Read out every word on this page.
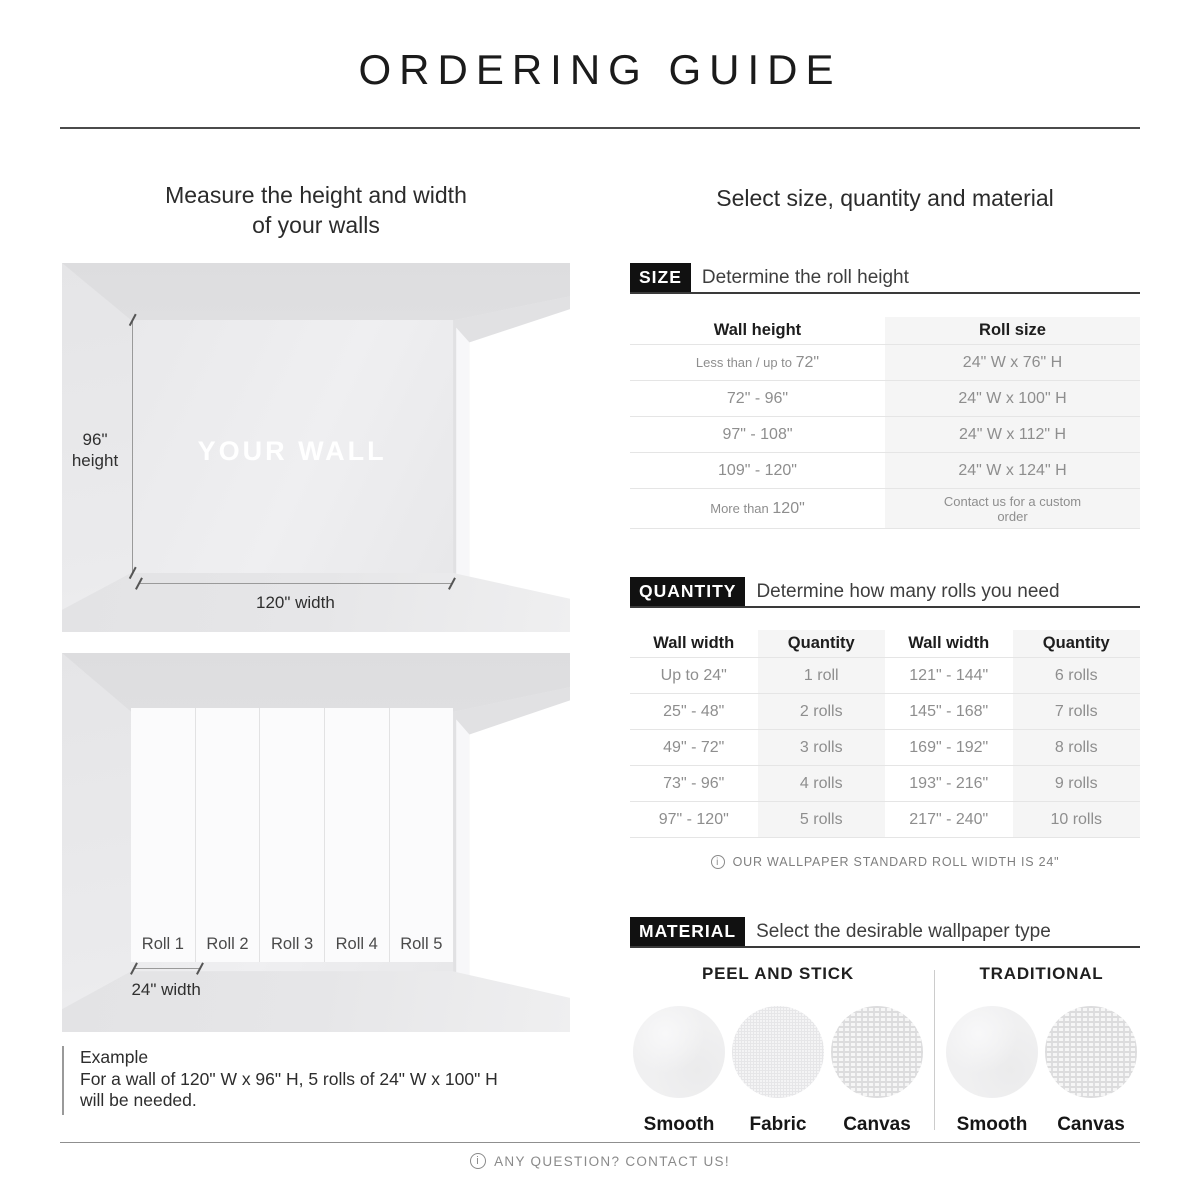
ORDERING GUIDE
Measure the height and width
of your walls
YOUR WALL
96"
height
120" width
Roll 1	Roll 2	Roll 3	Roll 4	Roll 5
24" width
Example
For a wall of 120" W x 96" H, 5 rolls of 24" W x 100" H
will be needed.
Select size, quantity and material
SIZE	Determine the roll height
Wall height	Roll size
Less than / up to 72"	24" W x 76" H
72" - 96"	24" W x 100" H
97" - 108"	24" W x 112" H
109" - 120"	24" W x 124" H
More than 120"	Contact us for a custom order
QUANTITY	Determine how many rolls you need
Wall width	Quantity	Wall width	Quantity
Up to 24"	1 roll	121" - 144"	6 rolls
25" - 48"	2 rolls	145" - 168"	7 rolls
49" - 72"	3 rolls	169" - 192"	8 rolls
73" - 96"	4 rolls	193" - 216"	9 rolls
97" - 120"	5 rolls	217" - 240"	10 rolls
i
OUR WALLPAPER STANDARD ROLL WIDTH IS 24"
MATERIAL	Select the desirable wallpaper type
PEEL AND STICK
Smooth	Fabric	Canvas
TRADITIONAL
Smooth	Canvas
i
ANY QUESTION? CONTACT US!
